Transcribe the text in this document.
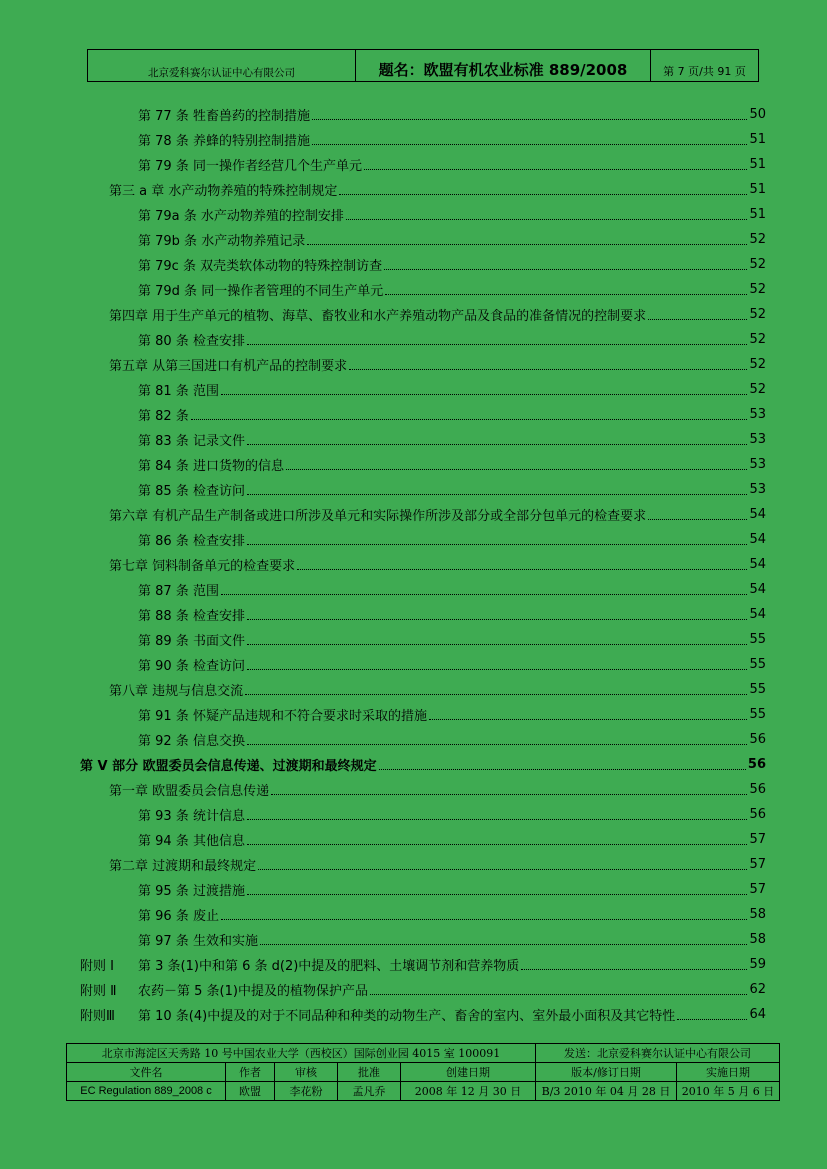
北京爱科赛尔认证中心有限公司	题名：欧盟有机农业标准 889/2008	第 7 页/共 91 页
第 77 条 牲畜兽药的控制措施	50
第 78 条 养蜂的特别控制措施	51
第 79 条 同一操作者经营几个生产单元	51
第三 a 章 水产动物养殖的特殊控制规定	51
第 79a 条 水产动物养殖的控制安排	51
第 79b 条 水产动物养殖记录	52
第 79c 条 双壳类软体动物的特殊控制访查	52
第 79d 条 同一操作者管理的不同生产单元	52
第四章 用于生产单元的植物、海草、畜牧业和水产养殖动物产品及食品的准备情况的控制要求	52
第 80 条 检查安排	52
第五章 从第三国进口有机产品的控制要求	52
第 81 条 范围	52
第 82 条	53
第 83 条 记录文件	53
第 84 条 进口货物的信息	53
第 85 条 检查访问	53
第六章 有机产品生产制备或进口所涉及单元和实际操作所涉及部分或全部分包单元的检查要求	54
第 86 条 检查安排	54
第七章 饲料制备单元的检查要求	54
第 87 条 范围	54
第 88 条 检查安排	54
第 89 条 书面文件	55
第 90 条 检查访问	55
第八章 违规与信息交流	55
第 91 条 怀疑产品违规和不符合要求时采取的措施	55
第 92 条 信息交换	56
第 V 部分 欧盟委员会信息传递、过渡期和最终规定	56
第一章 欧盟委员会信息传递	56
第 93 条 统计信息	56
第 94 条 其他信息	57
第二章 过渡期和最终规定	57
第 95 条 过渡措施	57
第 96 条 废止	58
第 97 条 生效和实施	58
附则 Ⅰ 第 3 条(1)中和第 6 条 d(2)中提及的肥料、土壤调节剂和营养物质	59
附则 Ⅱ 农药－第 5 条(1)中提及的植物保护产品	62
附则Ⅲ 第 10 条(4)中提及的对于不同品种和种类的动物生产、畜舍的室内、室外最小面积及其它特性	64
北京市海淀区天秀路 10 号中国农业大学（西校区）国际创业园 4015 室 100091					发送：北京爱科赛尔认证中心有限公司	
文件名	作者	审核	批准	创建日期	版本/修订日期	实施日期
EC Regulation 889_2008 c	欧盟	李花粉	孟凡乔	2008 年 12 月 30 日	B/3 2010 年 04 月 28 日	2010 年 5 月 6 日
